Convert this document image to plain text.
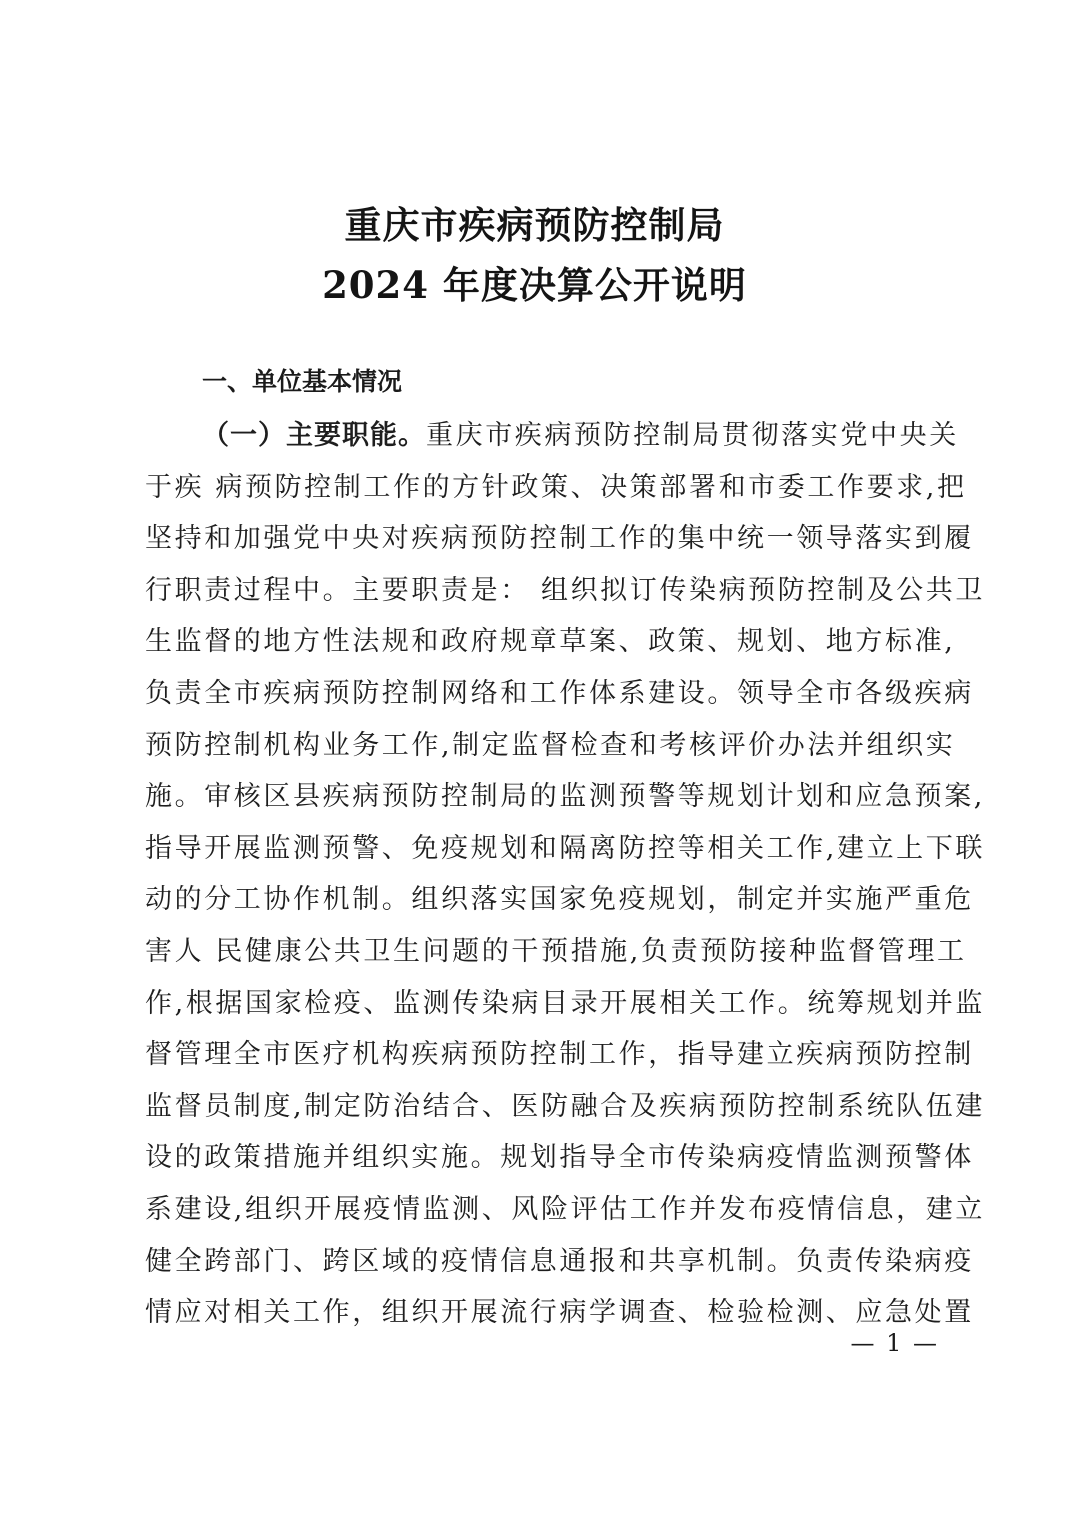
重庆市疾病预防控制局
2024 年度决算公开说明
一、单位基本情况
（一）主要职能。重庆市疾病预防控制局贯彻落实党中央关
于疾 病预防控制工作的方针政策、决策部署和市委工作要求,把
坚持和加强党中央对疾病预防控制工作的集中统一领导落实到履
行职责过程中。主要职责是： 组织拟订传染病预防控制及公共卫
生监督的地方性法规和政府规章草案、政策、规划、地方标准,
负责全市疾病预防控制网络和工作体系建设。领导全市各级疾病
预防控制机构业务工作,制定监督检查和考核评价办法并组织实
施。审核区县疾病预防控制局的监测预警等规划计划和应急预案,
指导开展监测预警、免疫规划和隔离防控等相关工作,建立上下联
动的分工协作机制。组织落实国家免疫规划，制定并实施严重危
害人 民健康公共卫生问题的干预措施,负责预防接种监督管理工
作,根据国家检疫、监测传染病目录开展相关工作。统筹规划并监
督管理全市医疗机构疾病预防控制工作，指导建立疾病预防控制
监督员制度,制定防治结合、医防融合及疾病预防控制系统队伍建
设的政策措施并组织实施。规划指导全市传染病疫情监测预警体
系建设,组织开展疫情监测、风险评估工作并发布疫情信息，建立
健全跨部门、跨区域的疫情信息通报和共享机制。负责传染病疫
情应对相关工作，组织开展流行病学调查、检验检测、应急处置
— 1 —
